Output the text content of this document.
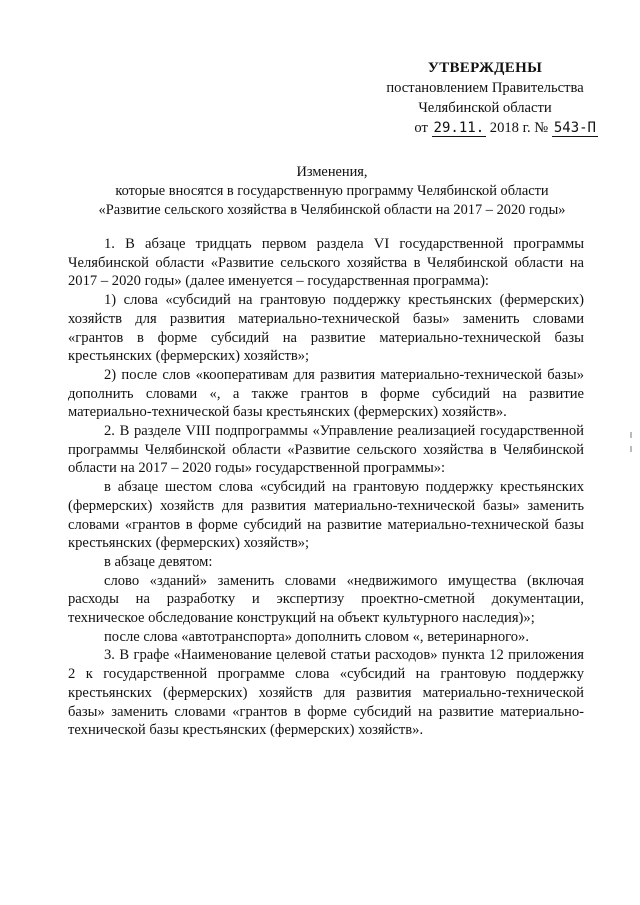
УТВЕРЖДЕНЫ
постановлением Правительства
Челябинской области
от 29.11. 2018 г. № 543-П
Изменения,
которые вносятся в государственную программу Челябинской области
«Развитие сельского хозяйства в Челябинской области на 2017 – 2020 годы»

1. В абзаце тридцать первом раздела VI государственной программы Челябинской области «Развитие сельского хозяйства в Челябинской области на 2017 – 2020 годы» (далее именуется – государственная программа):

1) слова «субсидий на грантовую поддержку крестьянских (фермерских) хозяйств для развития материально-технической базы» заменить словами «грантов в форме субсидий на развитие материально-технической базы крестьянских (фермерских) хозяйств»;

2) после слов «кооперативам для развития материально-технической базы» дополнить словами «, а также грантов в форме субсидий на развитие материально-технической базы крестьянских (фермерских) хозяйств».

2. В разделе VIII подпрограммы «Управление реализацией государственной программы Челябинской области «Развитие сельского хозяйства в Челябинской области на 2017 – 2020 годы» государственной программы»:

в абзаце шестом слова «субсидий на грантовую поддержку крестьянских (фермерских) хозяйств для развития материально-технической базы» заменить словами «грантов в форме субсидий на развитие материально-технической базы крестьянских (фермерских) хозяйств»;

в абзаце девятом:

слово «зданий» заменить словами «недвижимого имущества (включая расходы на разработку и экспертизу проектно-сметной документации, техническое обследование конструкций на объект культурного наследия)»;

после слова «автотранспорта» дополнить словом «, ветеринарного».

3. В графе «Наименование целевой статьи расходов» пункта 12 приложения 2 к государственной программе слова «субсидий на грантовую поддержку крестьянских (фермерских) хозяйств для развития материально-технической базы» заменить словами «грантов в форме субсидий на развитие материально-технической базы крестьянских (фермерских) хозяйств».
